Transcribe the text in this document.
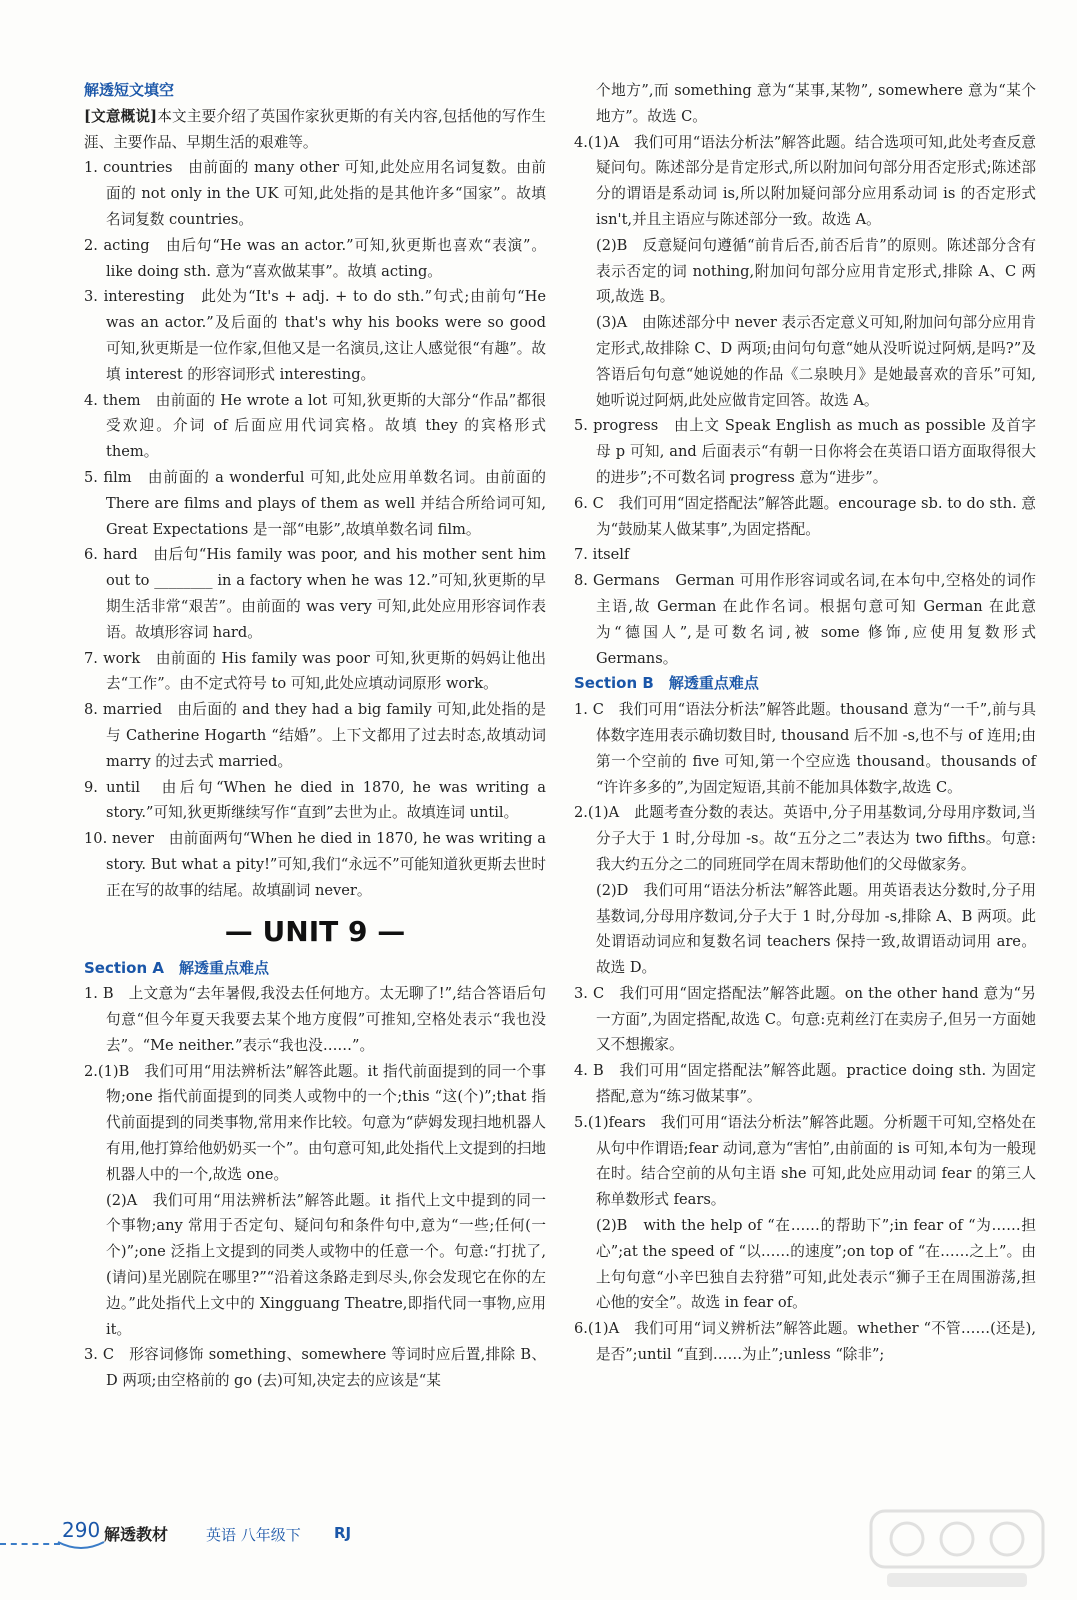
解透短文填空

[文意概说]本文主要介绍了英国作家狄更斯的有关内容,包括他的写作生涯、主要作品、早期生活的艰难等。

1. countries　由前面的 many other 可知,此处应用名词复数。由前面的 not only in the UK 可知,此处指的是其他许多“国家”。故填名词复数 countries。

2. acting　由后句“He was an actor.”可知,狄更斯也喜欢“表演”。like doing sth. 意为“喜欢做某事”。故填 acting。

3. interesting　此处为“It's + adj. + to do sth.”句式;由前句“He was an actor.”及后面的 that's why his books were so good 可知,狄更斯是一位作家,但他又是一名演员,这让人感觉很“有趣”。故填 interest 的形容词形式 interesting。

4. them　由前面的 He wrote a lot 可知,狄更斯的大部分“作品”都很受欢迎。介词 of 后面应用代词宾格。故填 they 的宾格形式 them。

5. film　由前面的 a wonderful 可知,此处应用单数名词。由前面的 There are films and plays of them as well 并结合所给词可知, Great Expectations 是一部“电影”,故填单数名词 film。

6. hard　由后句“His family was poor, and his mother sent him out to ________ in a factory when he was 12.”可知,狄更斯的早期生活非常“艰苦”。由前面的 was very 可知,此处应用形容词作表语。故填形容词 hard。

7. work　由前面的 His family was poor 可知,狄更斯的妈妈让他出去“工作”。由不定式符号 to 可知,此处应填动词原形 work。

8. married　由后面的 and they had a big family 可知,此处指的是与 Catherine Hogarth “结婚”。上下文都用了过去时态,故填动词 marry 的过去式 married。

9. until　由后句“When he died in 1870, he was writing a story.”可知,狄更斯继续写作“直到”去世为止。故填连词 until。

10. never　由前面两句“When he died in 1870, he was writing a story. But what a pity!”可知,我们“永远不”可能知道狄更斯去世时正在写的故事的结尾。故填副词 never。

— UNIT 9 —

Section A　 解透重点难点

1. B　上文意为“去年暑假,我没去任何地方。太无聊了!”,结合答语后句句意“但今年夏天我要去某个地方度假”可推知,空格处表示“我也没去”。“Me neither.”表示“我也没……”。

2.(1)B　我们可用“用法辨析法”解答此题。it 指代前面提到的同一个事物;one 指代前面提到的同类人或物中的一个;this “这(个)”;that 指代前面提到的同类事物,常用来作比较。句意为“萨姆发现扫地机器人有用,他打算给他奶奶买一个”。由句意可知,此处指代上文提到的扫地机器人中的一个,故选 one。

(2)A　我们可用“用法辨析法”解答此题。it 指代上文中提到的同一个事物;any 常用于否定句、疑问句和条件句中,意为“一些;任何(一个)”;one 泛指上文提到的同类人或物中的任意一个。句意:“打扰了,(请问)星光剧院在哪里?”“沿着这条路走到尽头,你会发现它在你的左边。”此处指代上文中的 Xingguang Theatre,即指代同一事物,应用 it。

3. C　形容词修饰 something、somewhere 等词时应后置,排除 B、D 两项;由空格前的 go (去)可知,决定去的应该是“某

个地方”,而 something 意为“某事,某物”, somewhere 意为“某个地方”。故选 C。

4.(1)A　我们可用“语法分析法”解答此题。结合选项可知,此处考查反意疑问句。陈述部分是肯定形式,所以附加问句部分用否定形式;陈述部分的谓语是系动词 is,所以附加疑问部分应用系动词 is 的否定形式 isn't,并且主语应与陈述部分一致。故选 A。

(2)B　反意疑问句遵循“前肯后否,前否后肯”的原则。陈述部分含有表示否定的词 nothing,附加问句部分应用肯定形式,排除 A、C 两项,故选 B。

(3)A　由陈述部分中 never 表示否定意义可知,附加问句部分应用肯定形式,故排除 C、D 两项;由问句句意“她从没听说过阿炳,是吗?”及答语后句句意“她说她的作品《二泉映月》是她最喜欢的音乐”可知,她听说过阿炳,此处应做肯定回答。故选 A。

5. progress　由上文 Speak English as much as possible 及首字母 p 可知, and 后面表示“有朝一日你将会在英语口语方面取得很大的进步”;不可数名词 progress 意为“进步”。

6. C　我们可用“固定搭配法”解答此题。encourage sb. to do sth. 意为“鼓励某人做某事”,为固定搭配。

7. itself

8. Germans　German 可用作形容词或名词,在本句中,空格处的词作主语,故 German 在此作名词。根据句意可知 German 在此意为“德国人”,是可数名词,被 some 修饰,应使用复数形式 Germans。

Section B　 解透重点难点

1. C　我们可用“语法分析法”解答此题。thousand 意为“一千”,前与具体数字连用表示确切数目时, thousand 后不加 -s,也不与 of 连用;由第一个空前的 five 可知,第一个空应选 thousand。thousands of “许许多多的”,为固定短语,其前不能加具体数字,故选 C。

2.(1)A　此题考查分数的表达。英语中,分子用基数词,分母用序数词,当分子大于 1 时,分母加 -s。故“五分之二”表达为 two fifths。句意:我大约五分之二的同班同学在周末帮助他们的父母做家务。

(2)D　我们可用“语法分析法”解答此题。用英语表达分数时,分子用基数词,分母用序数词,分子大于 1 时,分母加 -s,排除 A、B 两项。此处谓语动词应和复数名词 teachers 保持一致,故谓语动词用 are。故选 D。

3. C　我们可用“固定搭配法”解答此题。on the other hand 意为“另一方面”,为固定搭配,故选 C。句意:克莉丝汀在卖房子,但另一方面她又不想搬家。

4. B　我们可用“固定搭配法”解答此题。practice doing sth. 为固定搭配,意为“练习做某事”。

5.(1)fears　我们可用“语法分析法”解答此题。分析题干可知,空格处在从句中作谓语;fear 动词,意为“害怕”,由前面的 is 可知,本句为一般现在时。结合空前的从句主语 she 可知,此处应用动词 fear 的第三人称单数形式 fears。

(2)B　with the help of “在……的帮助下”;in fear of “为……担心”;at the speed of “以……的速度”;on top of “在……之上”。由上句句意“小辛巴独自去狩猎”可知,此处表示“狮子王在周围游荡,担心他的安全”。故选 in fear of。

6.(1)A　我们可用“词义辨析法”解答此题。whether “不管……(还是),是否”;until “直到……为止”;unless “除非”;

290 解透教材	英语 八年级下 RJ
